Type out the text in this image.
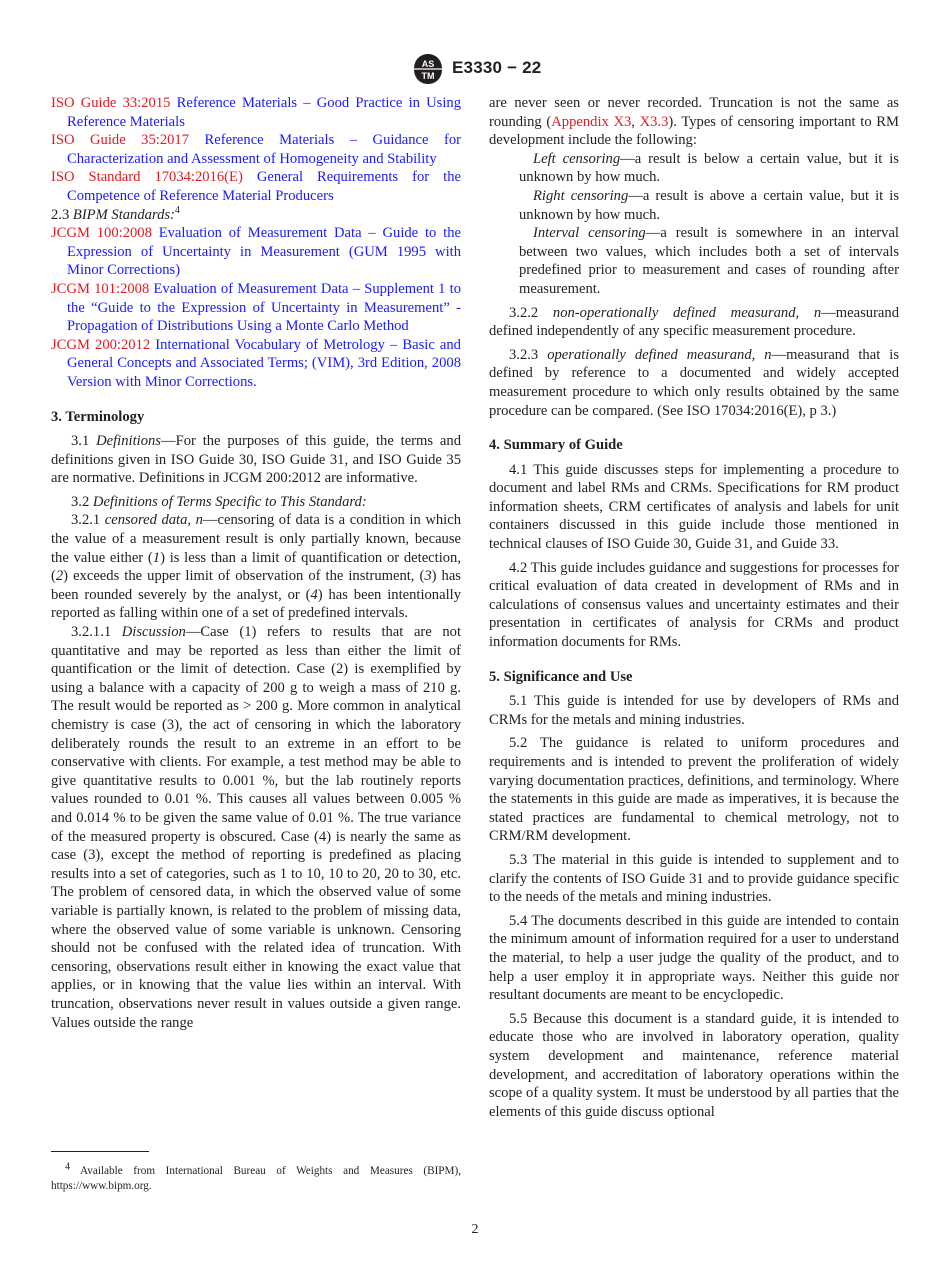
AS
TM E3330 − 22

ISO Guide 33:2015 Reference Materials – Good Practice in Using Reference Materials

ISO Guide 35:2017 Reference Materials – Guidance for Characterization and Assessment of Homogeneity and Stability

ISO Standard 17034:2016(E) General Requirements for the Competence of Reference Material Producers

2.3 BIPM Standards:$^4$

JCGM 100:2008 Evaluation of Measurement Data – Guide to the Expression of Uncertainty in Measurement (GUM 1995 with Minor Corrections)

JCGM 101:2008 Evaluation of Measurement Data – Supplement 1 to the “Guide to the Expression of Uncertainty in Measurement” - Propagation of Distributions Using a Monte Carlo Method

JCGM 200:2012 International Vocabulary of Metrology – Basic and General Concepts and Associated Terms; (VIM), 3rd Edition, 2008 Version with Minor Corrections.

3. Terminology

3.1 Definitions—For the purposes of this guide, the terms and definitions given in ISO Guide 30, ISO Guide 31, and ISO Guide 35 are normative. Definitions in JCGM 200:2012 are informative.

3.2 Definitions of Terms Specific to This Standard:

3.2.1 censored data, n—censoring of data is a condition in which the value of a measurement result is only partially known, because the value either (1) is less than a limit of quantification or detection, (2) exceeds the upper limit of observation of the instrument, (3) has been rounded severely by the analyst, or (4) has been intentionally reported as falling within one of a set of predefined intervals.

3.2.1.1 Discussion—Case (1) refers to results that are not quantitative and may be reported as less than either the limit of quantification or the limit of detection. Case (2) is exemplified by using a balance with a capacity of 200 g to weigh a mass of 210 g. The result would be reported as > 200 g. More common in analytical chemistry is case (3), the act of censoring in which the laboratory deliberately rounds the result to an extreme in an effort to be conservative with clients. For example, a test method may be able to give quantitative results to 0.001 %, but the lab routinely reports values rounded to 0.01 %. This causes all values between 0.005 % and 0.014 % to be given the same value of 0.01 %. The true variance of the measured property is obscured. Case (4) is nearly the same as case (3), except the method of reporting is predefined as placing results into a set of categories, such as 1 to 10, 10 to 20, 20 to 30, etc. The problem of censored data, in which the observed value of some variable is partially known, is related to the problem of missing data, where the observed value of some variable is unknown. Censoring should not be confused with the related idea of truncation. With censoring, observations result either in knowing the exact value that applies, or in knowing that the value lies within an interval. With truncation, observations never result in values outside a given range. Values outside the range

$^4$ Available from International Bureau of Weights and Measures (BIPM), https://www.bipm.org.

are never seen or never recorded. Truncation is not the same as rounding (Appendix X3, X3.3). Types of censoring important to RM development include the following:

Left censoring—a result is below a certain value, but it is unknown by how much.

Right censoring—a result is above a certain value, but it is unknown by how much.

Interval censoring—a result is somewhere in an interval between two values, which includes both a set of intervals predefined prior to measurement and cases of rounding after measurement.

3.2.2 non-operationally defined measurand, n—measurand defined independently of any specific measurement procedure.

3.2.3 operationally defined measurand, n—measurand that is defined by reference to a documented and widely accepted measurement procedure to which only results obtained by the same procedure can be compared. (See ISO 17034:2016(E), p 3.)

4. Summary of Guide

4.1 This guide discusses steps for implementing a procedure to document and label RMs and CRMs. Specifications for RM product information sheets, CRM certificates of analysis and labels for unit containers discussed in this guide include those mentioned in technical clauses of ISO Guide 30, Guide 31, and Guide 33.

4.2 This guide includes guidance and suggestions for processes for critical evaluation of data created in development of RMs and in calculations of consensus values and uncertainty estimates and their presentation in certificates of analysis for CRMs and product information documents for RMs.

5. Significance and Use

5.1 This guide is intended for use by developers of RMs and CRMs for the metals and mining industries.

5.2 The guidance is related to uniform procedures and requirements and is intended to prevent the proliferation of widely varying documentation practices, definitions, and terminology. Where the statements in this guide are made as imperatives, it is because the stated practices are fundamental to chemical metrology, not to CRM/RM development.

5.3 The material in this guide is intended to supplement and to clarify the contents of ISO Guide 31 and to provide guidance specific to the needs of the metals and mining industries.

5.4 The documents described in this guide are intended to contain the minimum amount of information required for a user to understand the material, to help a user judge the quality of the product, and to help a user employ it in appropriate ways. Neither this guide nor resultant documents are meant to be encyclopedic.

5.5 Because this document is a standard guide, it is intended to educate those who are involved in laboratory operation, quality system development and maintenance, reference material development, and accreditation of laboratory operations within the scope of a quality system. It must be understood by all parties that the elements of this guide discuss optional

2
